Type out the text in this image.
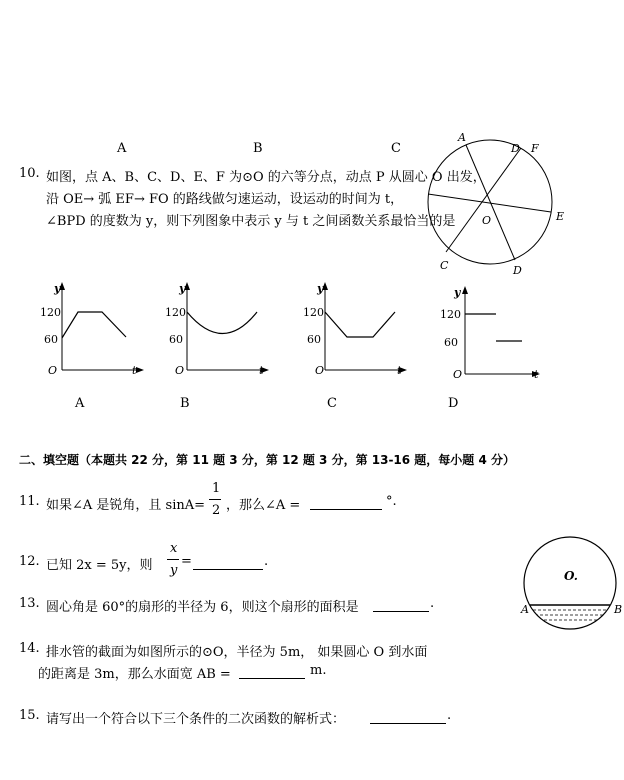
A	B	C
10. 如图，点 A、B、C、D、E、F 为⊙O 的六等分点，动点 P 从圆心 O 出发，
沿 OE→ 弧 EF→ FO 的路线做匀速运动，设运动的时间为 t，
∠BPD 的度数为 y，则下列图象中表示 y 与 t 之间函数关系最恰当的是
A
D F
E
O
C	D
y
120
60
O	t
y
120
60
O	t
y
120
60
O	t
y
120
60
O	t
A	B	C	D
二、填空题（本题共 22 分，第 11 题 3 分，第 12 题 3 分，第 13-16 题，每小题 4 分）
11. 如果∠A 是锐角，且 sinA=
1
2 ，那么∠A =	°.
12. 已知 2x = 5y，则
x
y
=	.
13. 圆心角是 60°的扇形的半径为 6，则这个扇形的面积是	.
14. 排水管的截面为如图所示的⊙O，半径为 5m， 如果圆心 O 到水面
的距离是 3m，那么水面宽 AB =	m.
O.
A	B
15. 请写出一个符合以下三个条件的二次函数的解析式：	.
